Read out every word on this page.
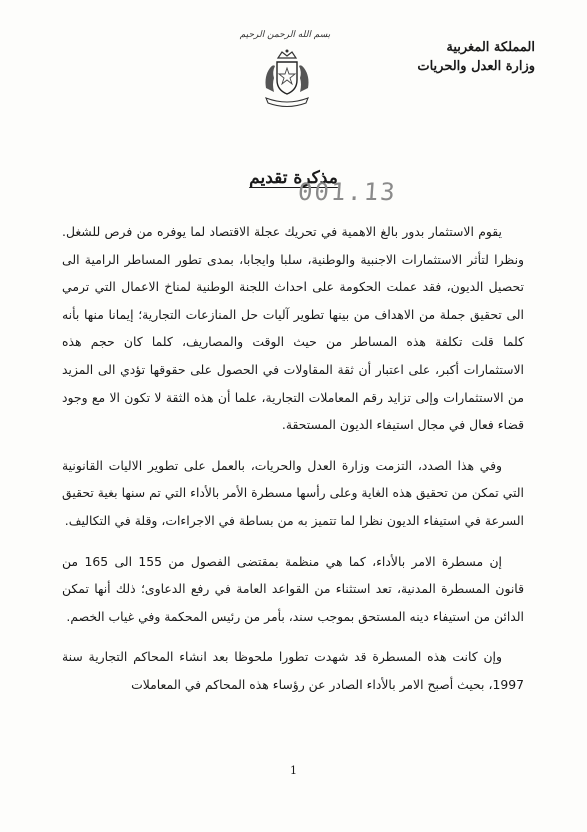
المملكة المغربية
وزارة العدل والحريات
بسم الله الرحمن الرحيم
مذكرة تقديم
001.13

يقوم الاستثمار بدور بالغ الاهمية في تحريك عجلة الاقتصاد لما يوفره من فرص للشغل. ونظرا لتأثر الاستثمارات الاجنبية والوطنية، سلبا وايجابا، بمدى تطور المساطر الرامية الى تحصيل الديون، فقد عملت الحكومة على احداث اللجنة الوطنية لمناخ الاعمال التي ترمي الى تحقيق جملة من الاهداف من بينها تطوير آليات حل المنازعات التجارية؛ إيمانا منها بأنه كلما قلت تكلفة هذه المساطر من حيث الوقت والمصاريف، كلما كان حجم هذه الاستثمارات أكبر، على اعتبار أن ثقة المقاولات في الحصول على حقوقها تؤدي الى المزيد من الاستثمارات وإلى تزايد رقم المعاملات التجارية، علما أن هذه الثقة لا تكون الا مع وجود قضاء فعال في مجال استيفاء الديون المستحقة.

وفي هذا الصدد، التزمت وزارة العدل والحريات، بالعمل على تطوير الاليات القانونية التي تمكن من تحقيق هذه الغاية وعلى رأسها مسطرة الأمر بالأداء التي تم سنها بغية تحقيق السرعة في استيفاء الديون نظرا لما تتميز به من بساطة في الاجراءات، وقلة في التكاليف.

إن مسطرة الامر بالأداء، كما هي منظمة بمقتضى الفصول من 155 الى 165 من قانون المسطرة المدنية، تعد استثناء من القواعد العامة في رفع الدعاوى؛ ذلك أنها تمكن الدائن من استيفاء دينه المستحق بموجب سند، بأمر من رئيس المحكمة وفي غياب الخصم.

وإن كانت هذه المسطرة قد شهدت تطورا ملحوظا بعد انشاء المحاكم التجارية سنة 1997، بحيث أصبح الامر بالأداء الصادر عن رؤساء هذه المحاكم في المعاملات

1
